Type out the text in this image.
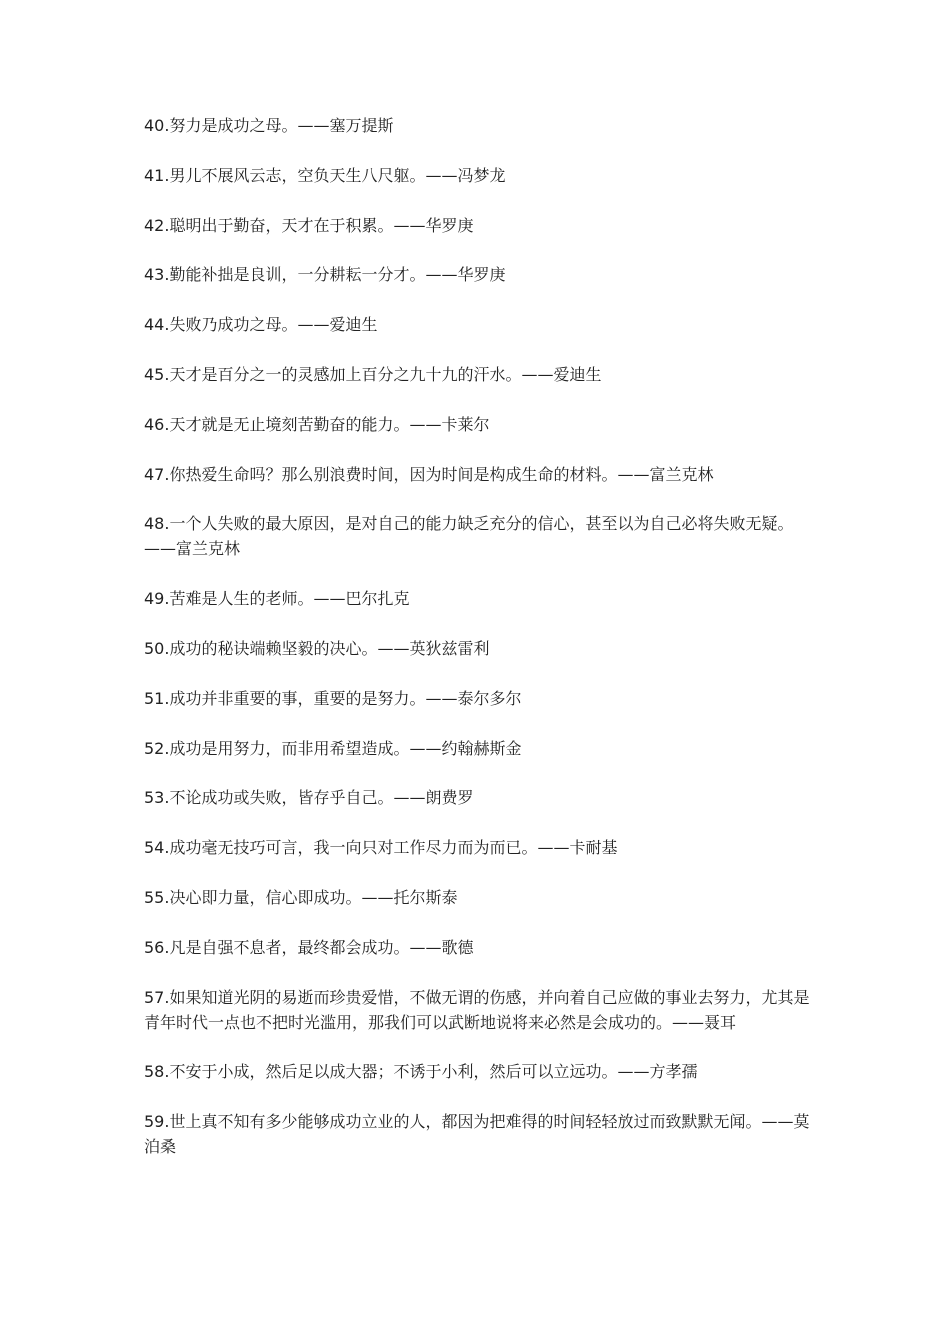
40.努力是成功之母。——塞万提斯
41.男儿不展风云志，空负天生八尺躯。——冯梦龙
42.聪明出于勤奋，天才在于积累。——华罗庚
43.勤能补拙是良训，一分耕耘一分才。——华罗庚
44.失败乃成功之母。——爱迪生
45.天才是百分之一的灵感加上百分之九十九的汗水。——爱迪生
46.天才就是无止境刻苦勤奋的能力。——卡莱尔
47.你热爱生命吗？那么别浪费时间，因为时间是构成生命的材料。——富兰克林
48.一个人失败的最大原因，是对自己的能力缺乏充分的信心，甚至以为自己必将失败无疑。——富兰克林
49.苦难是人生的老师。——巴尔扎克
50.成功的秘诀端赖坚毅的决心。——英狄兹雷利
51.成功并非重要的事，重要的是努力。——泰尔多尔
52.成功是用努力，而非用希望造成。——约翰赫斯金
53.不论成功或失败，皆存乎自己。——朗费罗
54.成功毫无技巧可言，我一向只对工作尽力而为而已。——卡耐基
55.决心即力量，信心即成功。——托尔斯泰
56.凡是自强不息者，最终都会成功。——歌德
57.如果知道光阴的易逝而珍贵爱惜，不做无谓的伤感，并向着自己应做的事业去努力，尤其是青年时代一点也不把时光滥用，那我们可以武断地说将来必然是会成功的。——聂耳
58.不安于小成，然后足以成大器；不诱于小利，然后可以立远功。——方孝孺
59.世上真不知有多少能够成功立业的人，都因为把难得的时间轻轻放过而致默默无闻。——莫泊桑
